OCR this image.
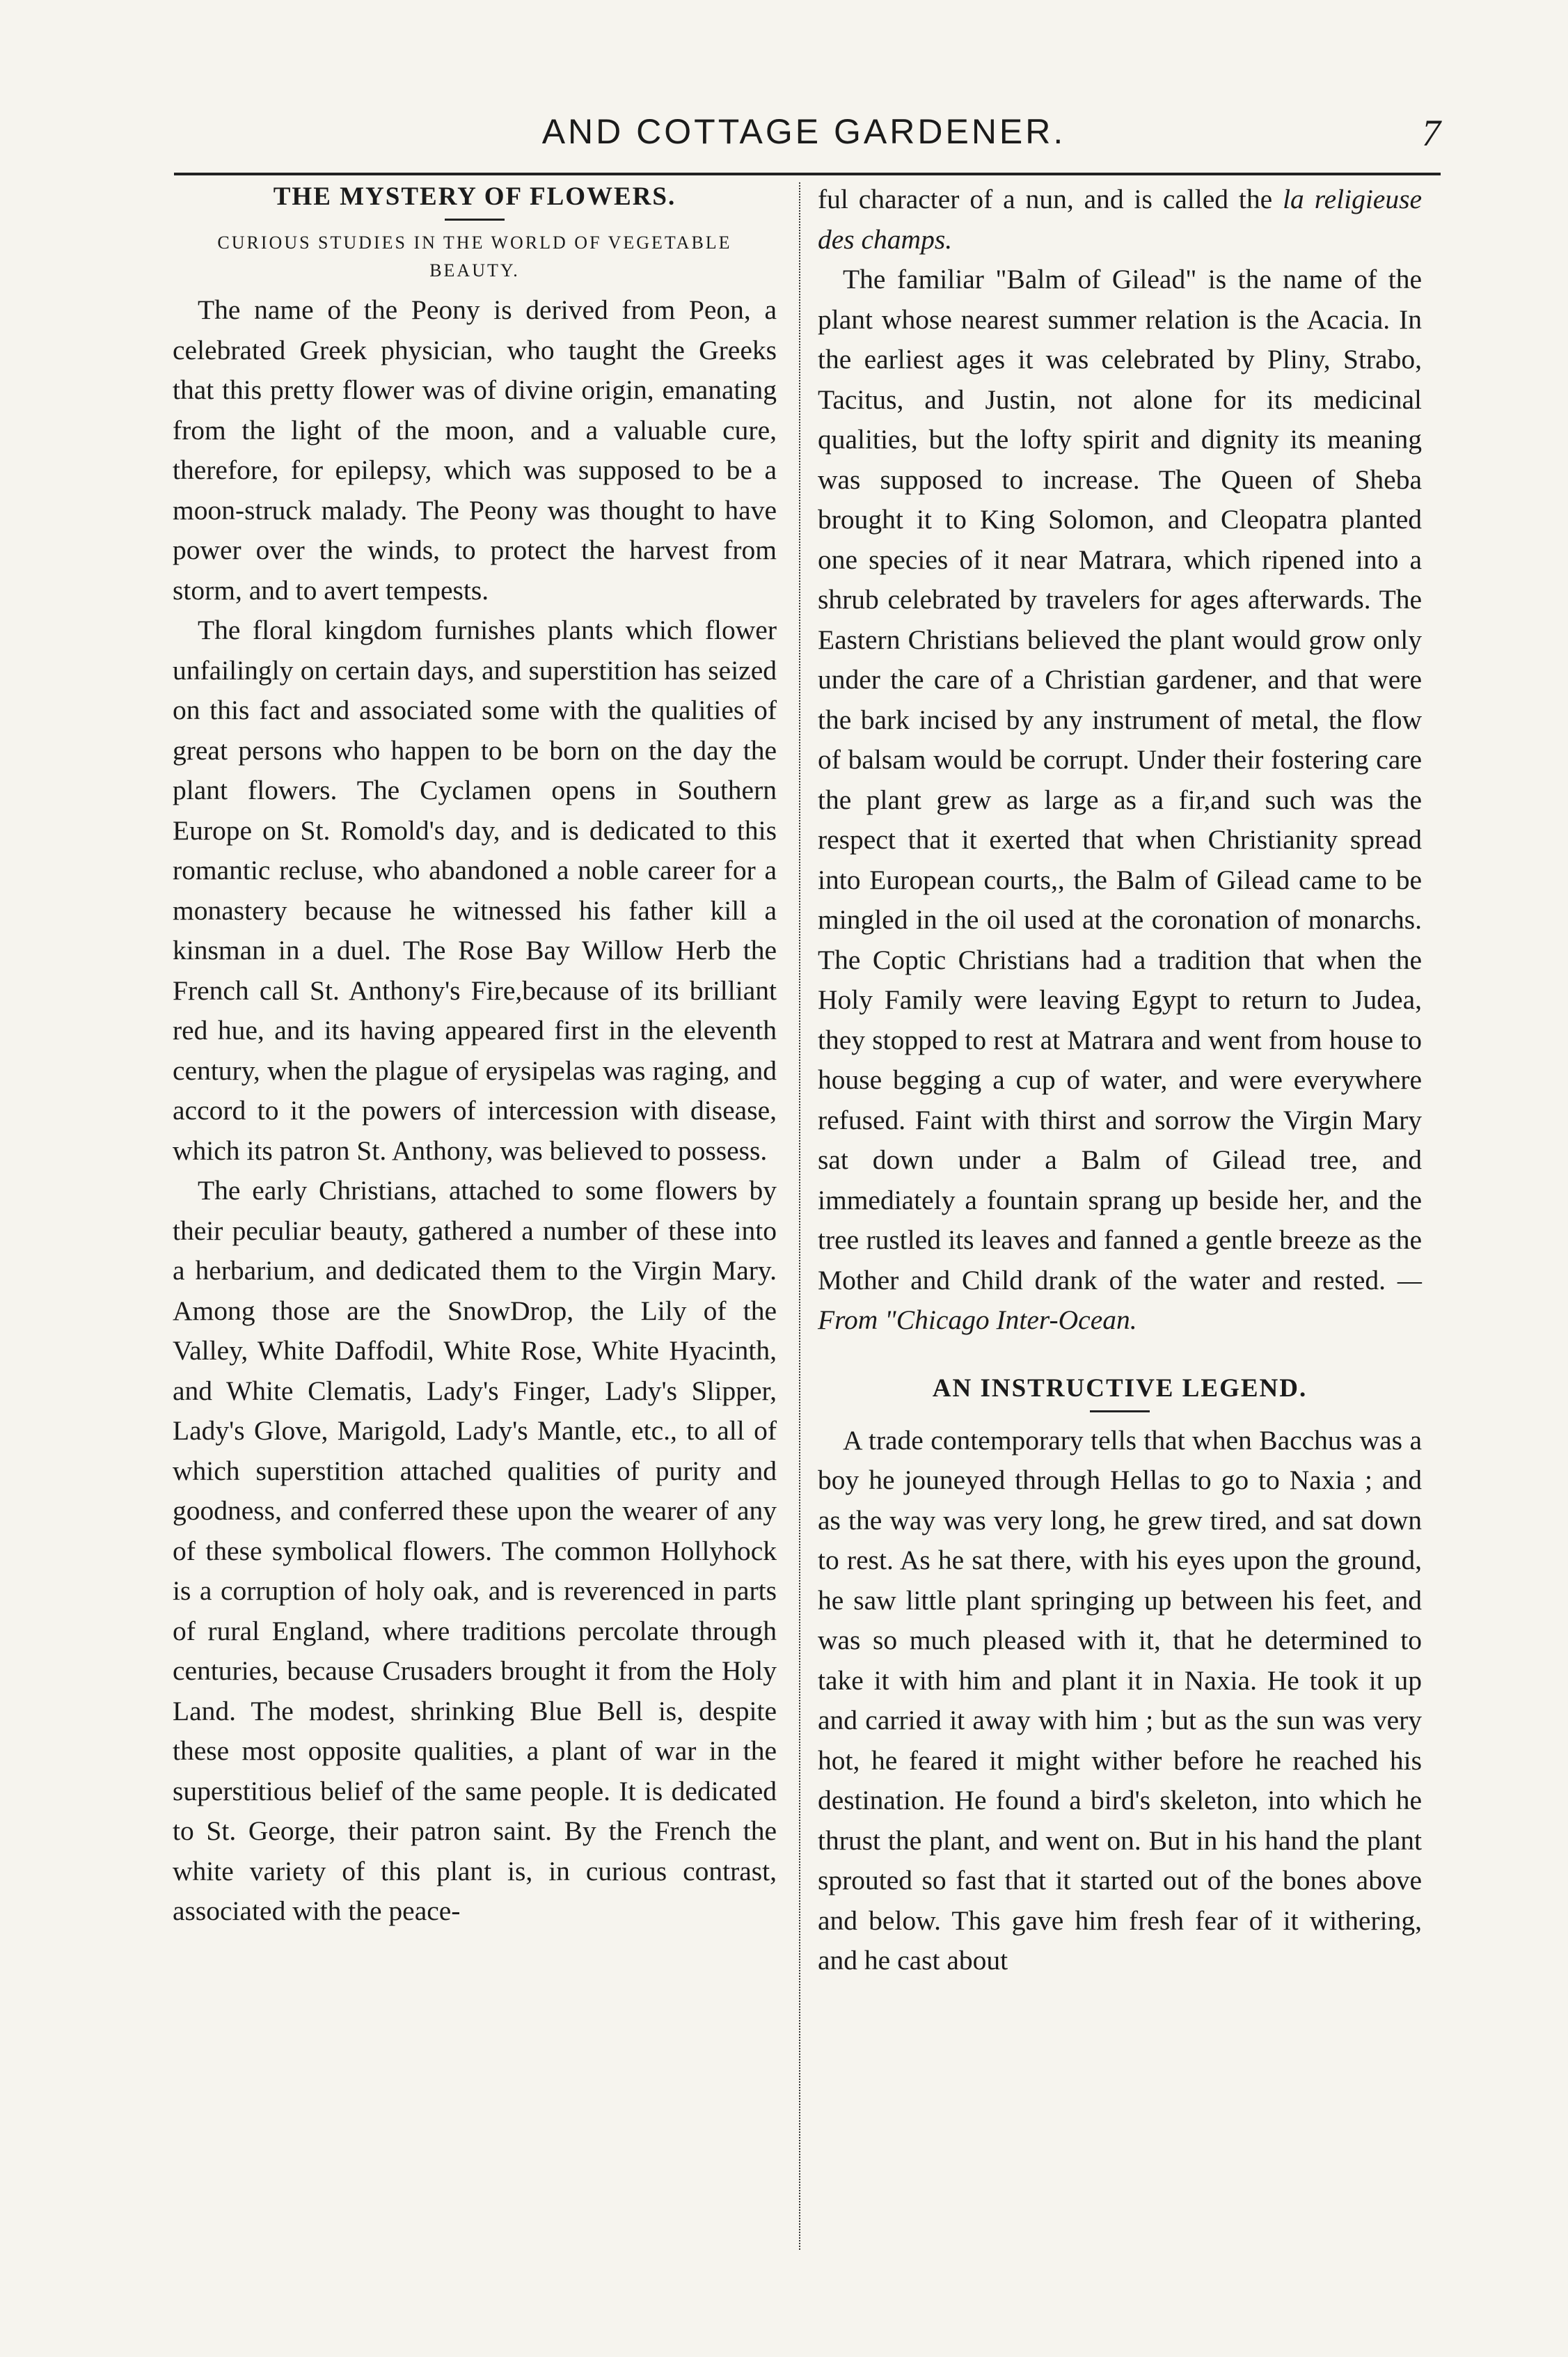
AND COTTAGE GARDENER.	7
THE MYSTERY OF FLOWERS.
CURIOUS STUDIES IN THE WORLD OF VEGETABLE BEAUTY.

The name of the Peony is derived from Peon, a celebrated Greek physician, who taught the Greeks that this pretty flower was of divine origin, emanating from the light of the moon, and a valuable cure, therefore, for epilepsy, which was supposed to be a moon-struck malady. The Peony was thought to have power over the winds, to protect the harvest from storm, and to avert tempests.

The floral kingdom furnishes plants which flower unfailingly on certain days, and superstition has seized on this fact and associated some with the qualities of great persons who happen to be born on the day the plant flowers. The Cyclamen opens in Southern Europe on St. Romold's day, and is dedicated to this romantic recluse, who abandoned a noble career for a monastery because he witnessed his father kill a kinsman in a duel. The Rose Bay Willow Herb the French call St. Anthony's Fire,because of its brilliant red hue, and its having appeared first in the eleventh century, when the plague of erysipelas was raging, and accord to it the powers of intercession with disease, which its patron St. Anthony, was believed to possess.

The early Christians, attached to some flowers by their peculiar beauty, gathered a number of these into a herbarium, and dedicated them to the Virgin Mary. Among those are the SnowDrop, the Lily of the Valley, White Daffodil, White Rose, White Hyacinth, and White Clematis, Lady's Finger, Lady's Slipper, Lady's Glove, Marigold, Lady's Mantle, etc., to all of which superstition attached qualities of purity and goodness, and conferred these upon the wearer of any of these symbolical flowers. The common Hollyhock is a corruption of holy oak, and is reverenced in parts of rural England, where traditions percolate through centuries, because Crusaders brought it from the Holy Land. The modest, shrinking Blue Bell is, despite these most opposite qualities, a plant of war in the superstitious belief of the same people. It is dedicated to St. George, their patron saint. By the French the white variety of this plant is, in curious contrast, associated with the peace-

ful character of a nun, and is called the la religieuse des champs.

The familiar "Balm of Gilead" is the name of the plant whose nearest summer relation is the Acacia. In the earliest ages it was celebrated by Pliny, Strabo, Tacitus, and Justin, not alone for its medicinal qualities, but the lofty spirit and dignity its meaning was supposed to increase. The Queen of Sheba brought it to King Solomon, and Cleopatra planted one species of it near Matrara, which ripened into a shrub celebrated by travelers for ages afterwards. The Eastern Christians believed the plant would grow only under the care of a Christian gardener, and that were the bark incised by any instrument of metal, the flow of balsam would be corrupt. Under their fostering care the plant grew as large as a fir,and such was the respect that it exerted that when Christianity spread into European courts,, the Balm of Gilead came to be mingled in the oil used at the coronation of monarchs. The Coptic Christians had a tradition that when the Holy Family were leaving Egypt to return to Judea, they stopped to rest at Matrara and went from house to house begging a cup of water, and were everywhere refused. Faint with thirst and sorrow the Virgin Mary sat down under a Balm of Gilead tree, and immediately a fountain sprang up beside her, and the tree rustled its leaves and fanned a gentle breeze as the Mother and Child drank of the water and rested. —From "Chicago Inter-Ocean.

AN INSTRUCTIVE LEGEND.

A trade contemporary tells that when Bacchus was a boy he jouneyed through Hellas to go to Naxia ; and as the way was very long, he grew tired, and sat down to rest. As he sat there, with his eyes upon the ground, he saw little plant springing up between his feet, and was so much pleased with it, that he determined to take it with him and plant it in Naxia. He took it up and carried it away with him ; but as the sun was very hot, he feared it might wither before he reached his destination. He found a bird's skeleton, into which he thrust the plant, and went on. But in his hand the plant sprouted so fast that it started out of the bones above and below. This gave him fresh fear of it withering, and he cast about
